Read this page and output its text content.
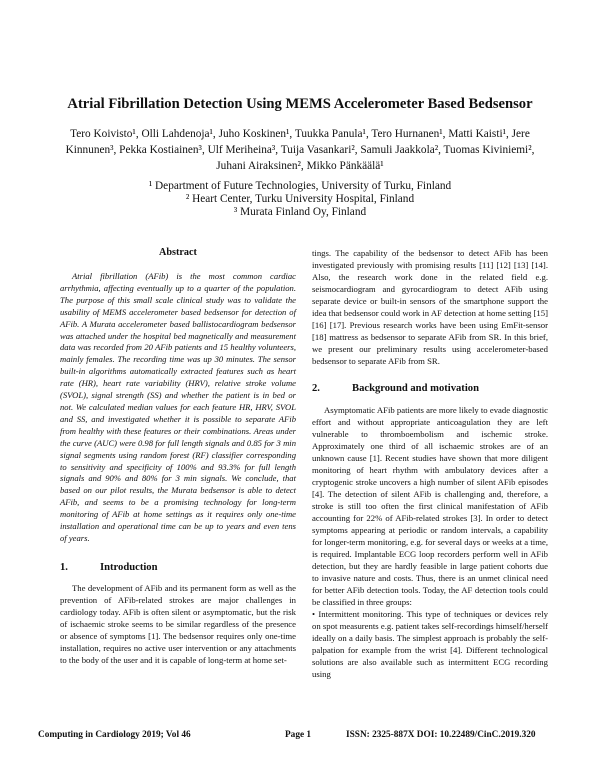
Atrial Fibrillation Detection Using MEMS Accelerometer Based Bedsensor

Tero Koivisto¹, Olli Lahdenoja¹, Juho Koskinen¹, Tuukka Panula¹, Tero Hurnanen¹, Matti Kaisti¹, Jere Kinnunen³, Pekka Kostiainen³, Ulf Meriheina³, Tuija Vasankari², Samuli Jaakkola², Tuomas Kiviniemi², Juhani Airaksinen², Mikko Pänkäälä¹

¹ Department of Future Technologies, University of Turku, Finland
² Heart Center, Turku University Hospital, Finland
³ Murata Finland Oy, Finland
Abstract

Atrial fibrillation (AFib) is the most common cardiac arrhythmia, affecting eventually up to a quarter of the population. The purpose of this small scale clinical study was to validate the usability of MEMS accelerometer based bedsensor for detection of AFib. A Murata accelerometer based ballistocardiogram bedsensor was attached under the hospital bed magnetically and measurement data was recorded from 20 AFib patients and 15 healthy volunteers, mainly females. The recording time was up 30 minutes. The sensor built-in algorithms automatically extracted features such as heart rate (HR), heart rate variability (HRV), relative stroke volume (SVOL), signal strength (SS) and whether the patient is in bed or not. We calculated median values for each feature HR, HRV, SVOL and SS, and investigated whether it is possible to separate AFib from healthy with these features or their combinations. Areas under the curve (AUC) were 0.98 for full length signals and 0.85 for 3 min signal segments using random forest (RF) classifier corresponding to sensitivity and specificity of 100% and 93.3% for full length signals and 90% and 80% for 3 min signals. We conclude, that based on our pilot results, the Murata bedsensor is able to detect AFib, and seems to be a promising technology for long-term monitoring of AFib at home settings as it requires only one-time installation and operational time can be up to years and even tens of years.

1.	Introduction

The development of AFib and its permanent form as well as the prevention of AFib-related strokes are major challenges in cardiology today. AFib is often silent or asymptomatic, but the risk of ischaemic stroke seems to be similar regardless of the presence or absence of symptoms [1]. The bedsensor requires only one-time installation, requires no active user intervention or any attachments to the body of the user and it is capable of long-term at home set-

tings. The capability of the bedsensor to detect AFib has been investigated previously with promising results [11] [12] [13] [14]. Also, the research work done in the related field e.g. seismocardiogram and gyrocardiogram to detect AFib using separate device or built-in sensors of the smartphone support the idea that bedsensor could work in AF detection at home setting [15] [16] [17]. Previous research works have been using EmFit-sensor [18] mattress as bedsensor to separate AFib from SR. In this brief, we present our preliminary results using accelerometer-based bedsensor to separate AFib from SR.

2.	Background and motivation

Asymptomatic AFib patients are more likely to evade diagnostic effort and without appropriate anticoagulation they are left vulnerable to thromboembolism and ischemic stroke. Approximately one third of all ischaemic strokes are of an unknown cause [1]. Recent studies have shown that more diligent monitoring of heart rhythm with ambulatory devices after a cryptogenic stroke uncovers a high number of silent AFib episodes [4]. The detection of silent AFib is challenging and, therefore, a stroke is still too often the first clinical manifestation of AFib accounting for 22% of AFib-related strokes [3]. In order to detect symptoms appearing at periodic or random intervals, a capability for longer-term monitoring, e.g. for several days or weeks at a time, is required. Implantable ECG loop recorders perform well in AFib detection, but they are hardly feasible in large patient cohorts due to invasive nature and costs. Thus, there is an unmet clinical need for better AFib detection tools. Today, the AF detection tools could be classified in three groups:

• Intermittent monitoring. This type of techniques or devices rely on spot measurents e.g. patient takes self-recordings himself/herself ideally on a daily basis. The simplest approach is probably the self-palpation for example from the wrist [4]. Different technological solutions are also available such as intermittent ECG recording using

Computing in Cardiology 2019; Vol 46	Page 1	ISSN: 2325-887X DOI: 10.22489/CinC.2019.320
